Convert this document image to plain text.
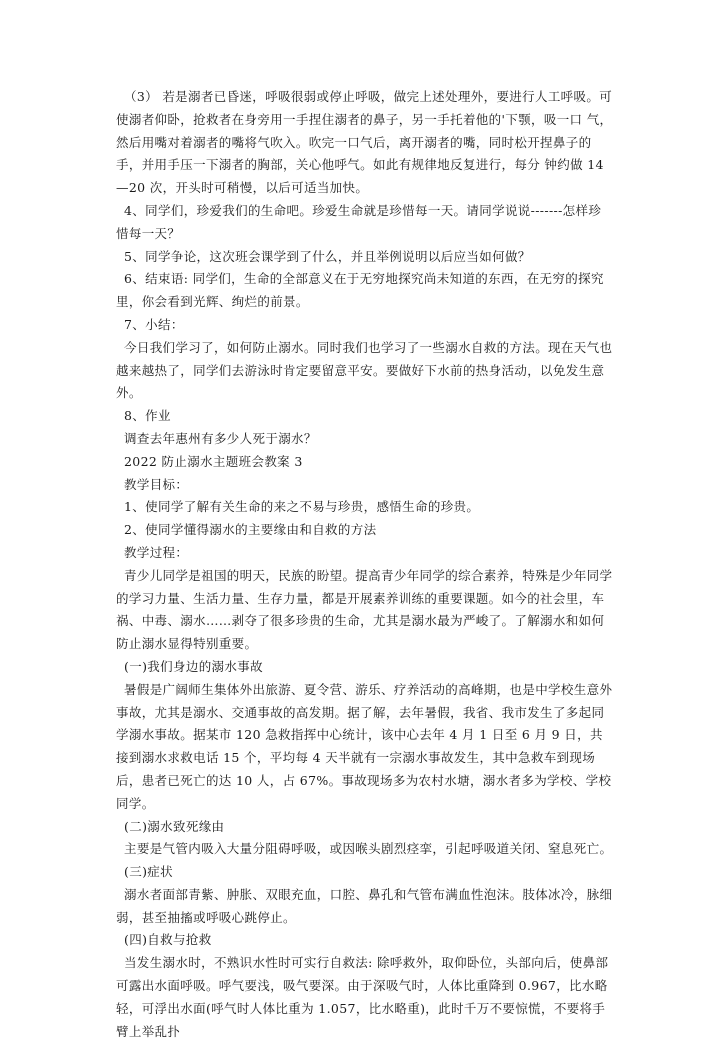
（3） 若是溺者已昏迷，呼吸很弱或停止呼吸，做完上述处理外，要进行人工呼吸。可使溺者仰卧，抢救者在身旁用一手捏住溺者的鼻子，另一手托着他的'下颚，吸一口 气，然后用嘴对着溺者的嘴将气吹入。吹完一口气后，离开溺者的嘴，同时松开捏鼻子的手，并用手压一下溺者的胸部，关心他呼气。如此有规律地反复进行，每分 钟约做 14—20 次，开头时可稍慢，以后可适当加快。

4、同学们，珍爱我们的生命吧。珍爱生命就是珍惜每一天。请同学说说-------怎样珍惜每一天？

5、同学争论，这次班会课学到了什么，并且举例说明以后应当如何做？

6、结束语: 同学们，生命的全部意义在于无穷地探究尚未知道的东西，在无穷的探究里，你会看到光辉、绚烂的前景。

7、小结：

今日我们学习了，如何防止溺水。同时我们也学习了一些溺水自救的方法。现在天气也越来越热了，同学们去游泳时肯定要留意平安。要做好下水前的热身活动，以免发生意外。

8、作业

调查去年惠州有多少人死于溺水？

2022 防止溺水主题班会教案 3

教学目标：

1、使同学了解有关生命的来之不易与珍贵，感悟生命的珍贵。

2、使同学懂得溺水的主要缘由和自救的方法

教学过程：

青少儿同学是祖国的明天，民族的盼望。提高青少年同学的综合素养，特殊是少年同学的学习力量、生活力量、生存力量，都是开展素养训练的重要课题。如今的社会里，车祸、中毒、溺水……剥夺了很多珍贵的生命，尤其是溺水最为严峻了。了解溺水和如何防止溺水显得特别重要。

(一)我们身边的溺水事故

暑假是广阔师生集体外出旅游、夏令营、游乐、疗养活动的高峰期，也是中学校生意外事故，尤其是溺水、交通事故的高发期。据了解，去年暑假，我省、我市发生了多起同学溺水事故。据某市 120 急救指挥中心统计，该中心去年 4 月 1 日至 6 月 9 日，共接到溺水求救电话 15 个，平均每 4 天半就有一宗溺水事故发生，其中急救车到现场后，患者已死亡的达 10 人，占 67%。事故现场多为农村水塘，溺水者多为学校、学校同学。

(二)溺水致死缘由

主要是气管内吸入大量分阻碍呼吸，或因喉头剧烈痉挛，引起呼吸道关闭、窒息死亡。

(三)症状

溺水者面部青紫、肿胀、双眼充血，口腔、鼻孔和气管布满血性泡沫。肢体冰冷，脉细弱，甚至抽搐或呼吸心跳停止。

(四)自救与抢救

当发生溺水时，不熟识水性时可实行自救法: 除呼救外，取仰卧位，头部向后，使鼻部可露出水面呼吸。呼气要浅，吸气要深。由于深吸气时，人体比重降到 0.967，比水略轻，可浮出水面(呼气时人体比重为 1.057，比水略重)，此时千万不要惊慌，不要将手臂上举乱扑
